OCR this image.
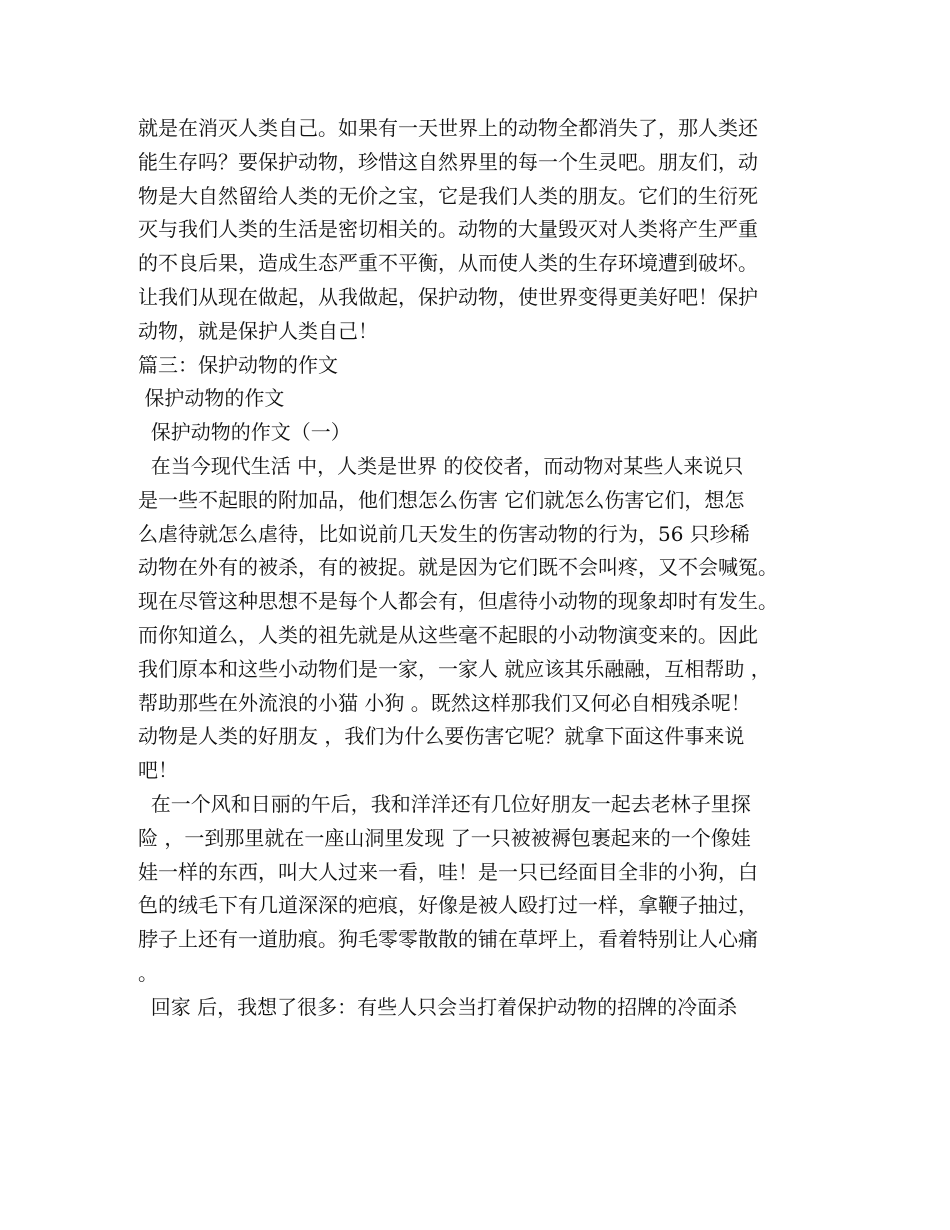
就是在消灭人类自己。如果有一天世界上的动物全都消失了，那人类还
能生存吗？要保护动物，珍惜这自然界里的每一个生灵吧。朋友们，动
物是大自然留给人类的无价之宝，它是我们人类的朋友。它们的生衍死
灭与我们人类的生活是密切相关的。动物的大量毁灭对人类将产生严重
的不良后果，造成生态严重不平衡，从而使人类的生存环境遭到破坏。
让我们从现在做起，从我做起，保护动物，使世界变得更美好吧！保护
动物，就是保护人类自己！
篇三：保护动物的作文
保护动物的作文
保护动物的作文（一）
在当今现代生活 中，人类是世界 的佼佼者，而动物对某些人来说只
是一些不起眼的附加品，他们想怎么伤害 它们就怎么伤害它们，想怎
么虐待就怎么虐待，比如说前几天发生的伤害动物的行为，56 只珍稀
动物在外有的被杀，有的被捉。就是因为它们既不会叫疼，又不会喊冤。
现在尽管这种思想不是每个人都会有，但虐待小动物的现象却时有发生。
而你知道么，人类的祖先就是从这些毫不起眼的小动物演变来的。因此
我们原本和这些小动物们是一家，一家人 就应该其乐融融，互相帮助 ，
帮助那些在外流浪的小猫 小狗 。既然这样那我们又何必自相残杀呢！
动物是人类的好朋友 ，我们为什么要伤害它呢？就拿下面这件事来说
吧！
在一个风和日丽的午后，我和洋洋还有几位好朋友一起去老林子里探
险 ，一到那里就在一座山洞里发现 了一只被被褥包裹起来的一个像娃
娃一样的东西，叫大人过来一看，哇！是一只已经面目全非的小狗，白
色的绒毛下有几道深深的疤痕，好像是被人殴打过一样，拿鞭子抽过，
脖子上还有一道肋痕。狗毛零零散散的铺在草坪上，看着特别让人心痛
。
回家 后，我想了很多：有些人只会当打着保护动物的招牌的冷面杀
